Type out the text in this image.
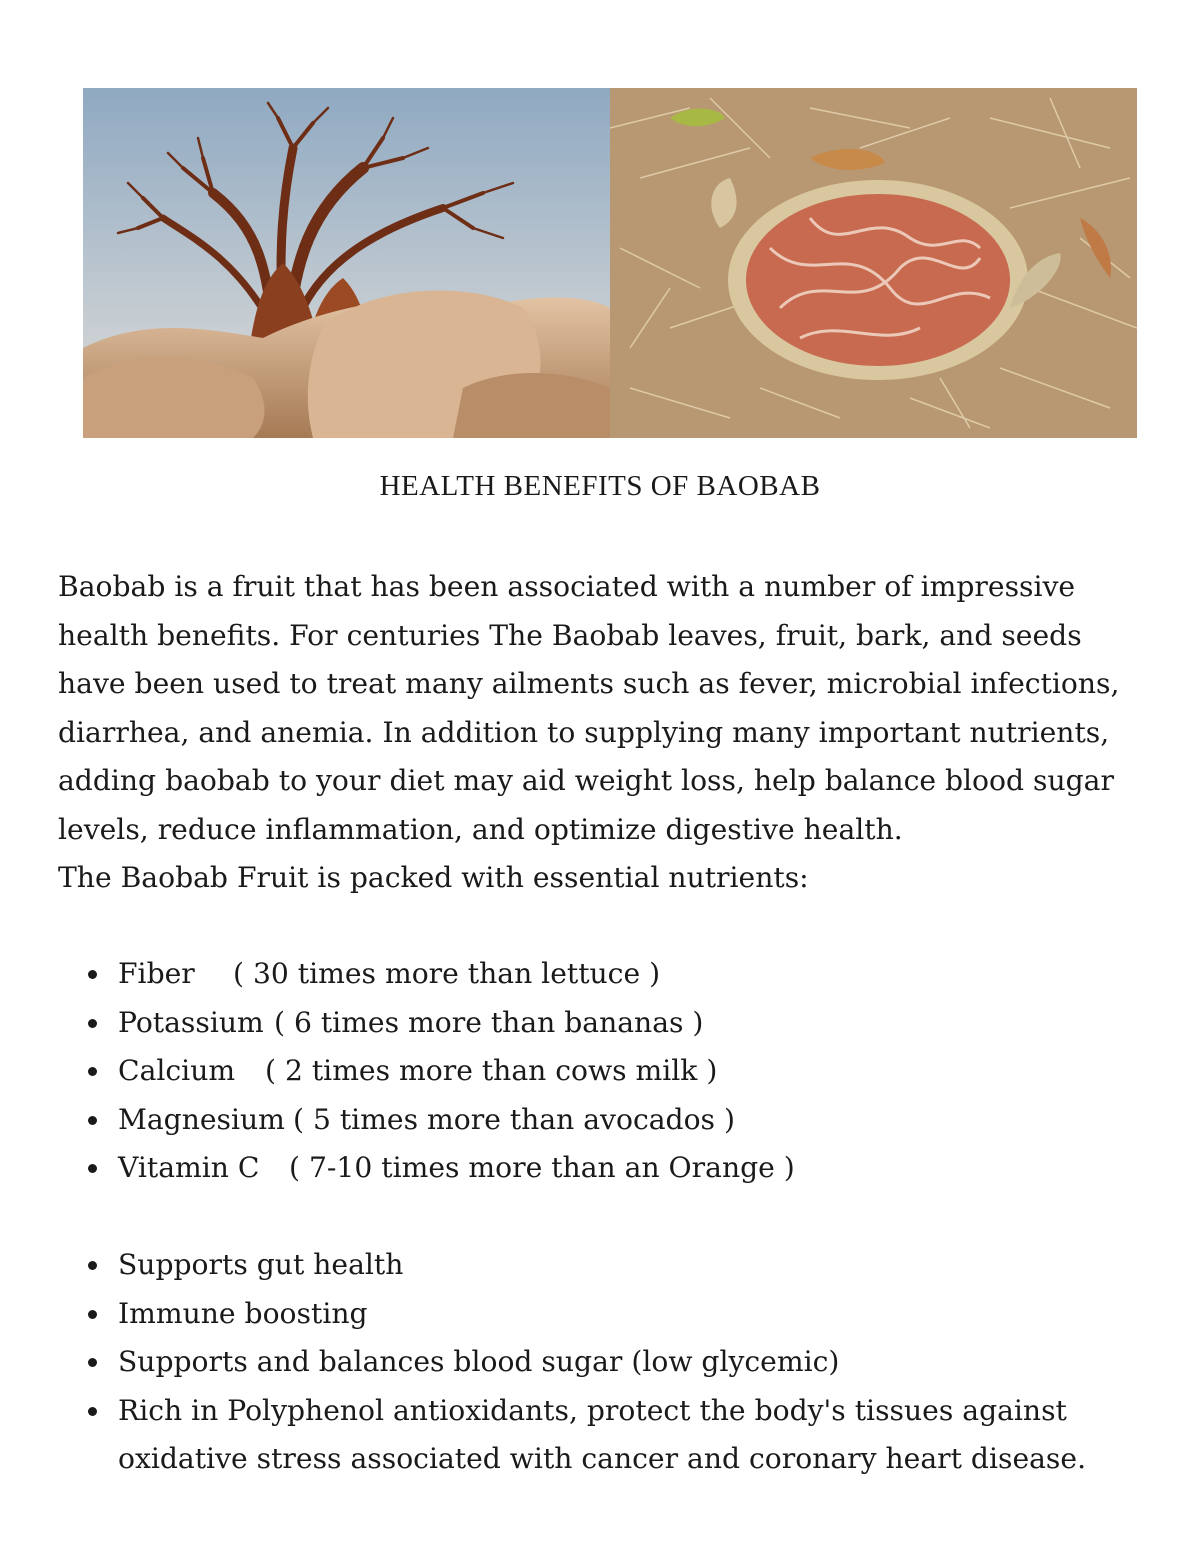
HEALTH BENEFITS OF BAOBAB

Baobab is a fruit that has been associated with a number of impressive health benefits. For centuries The Baobab leaves, fruit, bark, and seeds have been used to treat many ailments such as fever, microbial infections, diarrhea, and anemia. In addition to supplying many important nutrients, adding baobab to your diet may aid weight loss, help balance blood sugar levels, reduce inflammation, and optimize digestive health.

The Baobab Fruit is packed with essential nutrients:

Fiber ( 30 times more than lettuce )
Potassium ( 6 times more than bananas )
Calcium ( 2 times more than cows milk )
Magnesium ( 5 times more than avocados )
Vitamin C ( 7-10 times more than an Orange )
Supports gut health
Immune boosting
Supports and balances blood sugar (low glycemic)
Rich in Polyphenol antioxidants, protect the body's tissues against oxidative stress associated with cancer and coronary heart disease.
